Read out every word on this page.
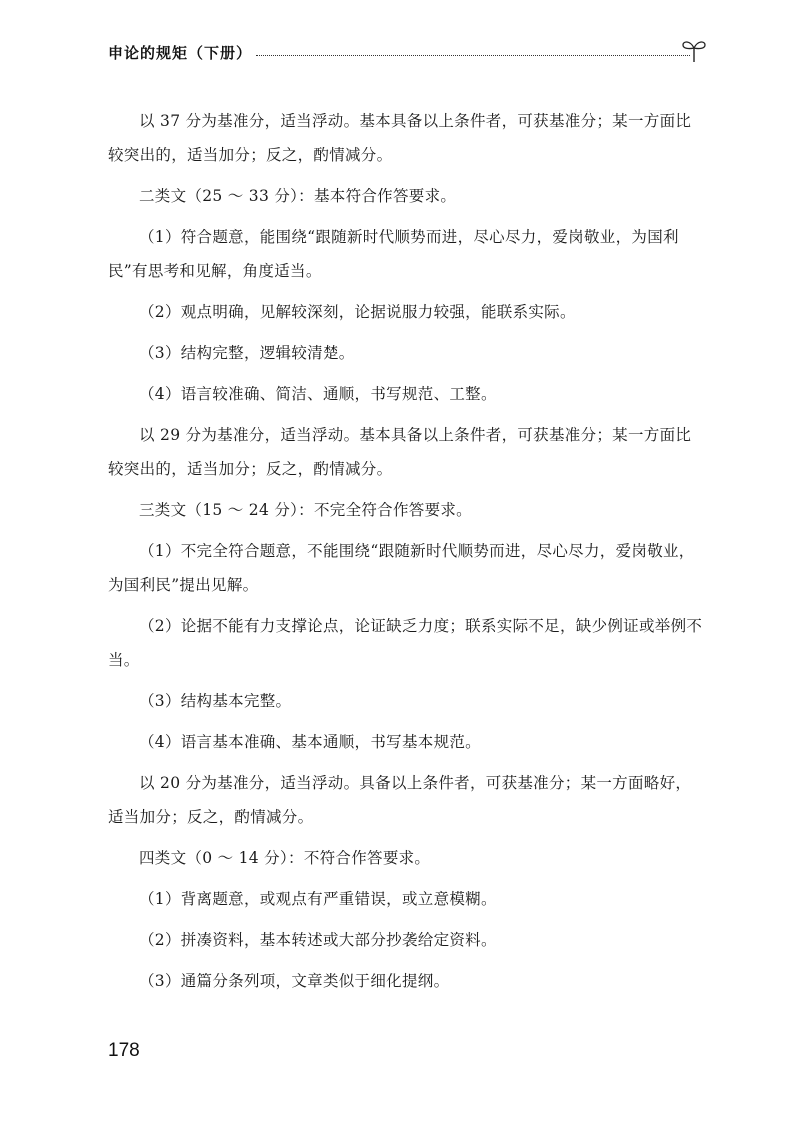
申论的规矩（下册）

以 37 分为基准分，适当浮动。基本具备以上条件者，可获基准分；某一方面比较突出的，适当加分；反之，酌情减分。

二类文（25 ～ 33 分）：基本符合作答要求。

（1）符合题意，能围绕“跟随新时代顺势而进，尽心尽力，爱岗敬业，为国利民”有思考和见解，角度适当。

（2）观点明确，见解较深刻，论据说服力较强，能联系实际。

（3）结构完整，逻辑较清楚。

（4）语言较准确、简洁、通顺，书写规范、工整。

以 29 分为基准分，适当浮动。基本具备以上条件者，可获基准分；某一方面比较突出的，适当加分；反之，酌情减分。

三类文（15 ～ 24 分）：不完全符合作答要求。

（1）不完全符合题意，不能围绕“跟随新时代顺势而进，尽心尽力，爱岗敬业，为国利民”提出见解。

（2）论据不能有力支撑论点，论证缺乏力度；联系实际不足，缺少例证或举例不当。

（3）结构基本完整。

（4）语言基本准确、基本通顺，书写基本规范。

以 20 分为基准分，适当浮动。具备以上条件者，可获基准分；某一方面略好，适当加分；反之，酌情减分。

四类文（0 ～ 14 分）：不符合作答要求。

（1）背离题意，或观点有严重错误，或立意模糊。

（2）拼凑资料，基本转述或大部分抄袭给定资料。

（3）通篇分条列项，文章类似于细化提纲。

178
